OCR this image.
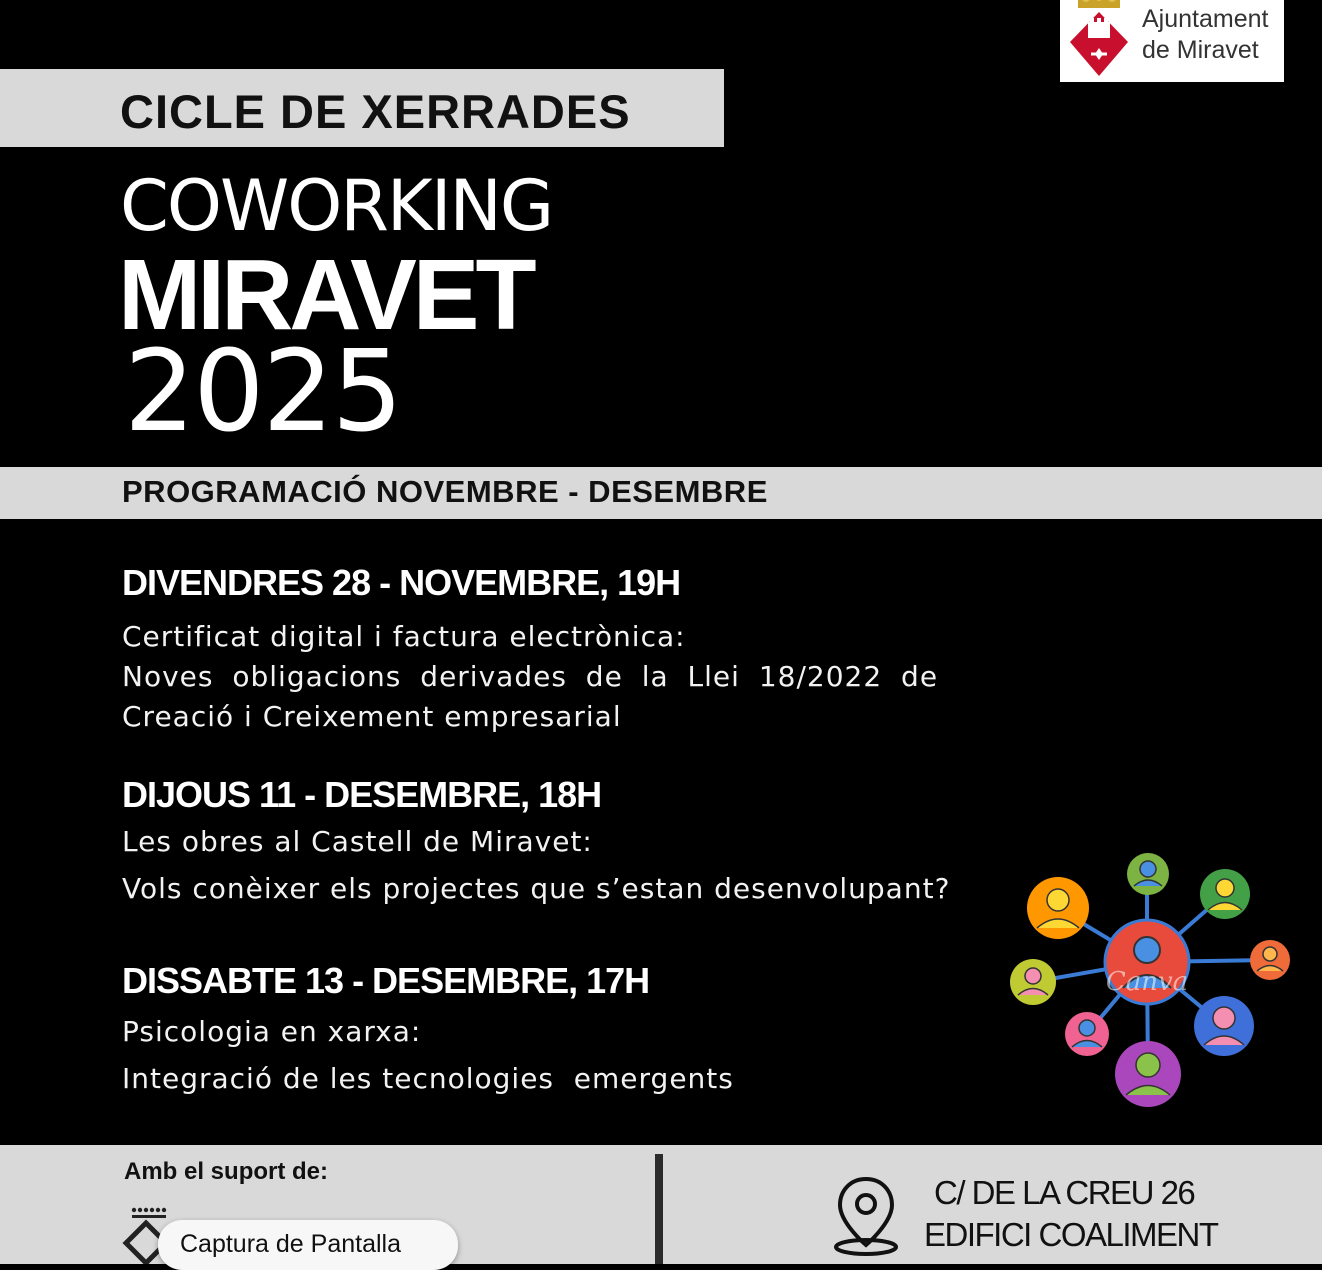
Ajuntament
de Miravet
CICLE DE XERRADES
COWORKING
MIRAVET
2025
PROGRAMACIÓ NOVEMBRE - DESEMBRE
DIVENDRES 28 - NOVEMBRE, 19H
Certificat digital i factura electrònica:
Noves obligacions derivades de la Llei 18/2022 de
Creació i Creixement empresarial
DIJOUS 11 - DESEMBRE, 18H
Les obres al Castell de Miravet:
Vols conèixer els projectes que s’estan desenvolupant?
DISSABTE 13 - DESEMBRE, 17H
Psicologia en xarxa:
Integració de les tecnologies  emergents
Canva
Amb el suport de:
C/ DE LA CREU 26
EDIFICI COALIMENT
Captura de Pantalla
